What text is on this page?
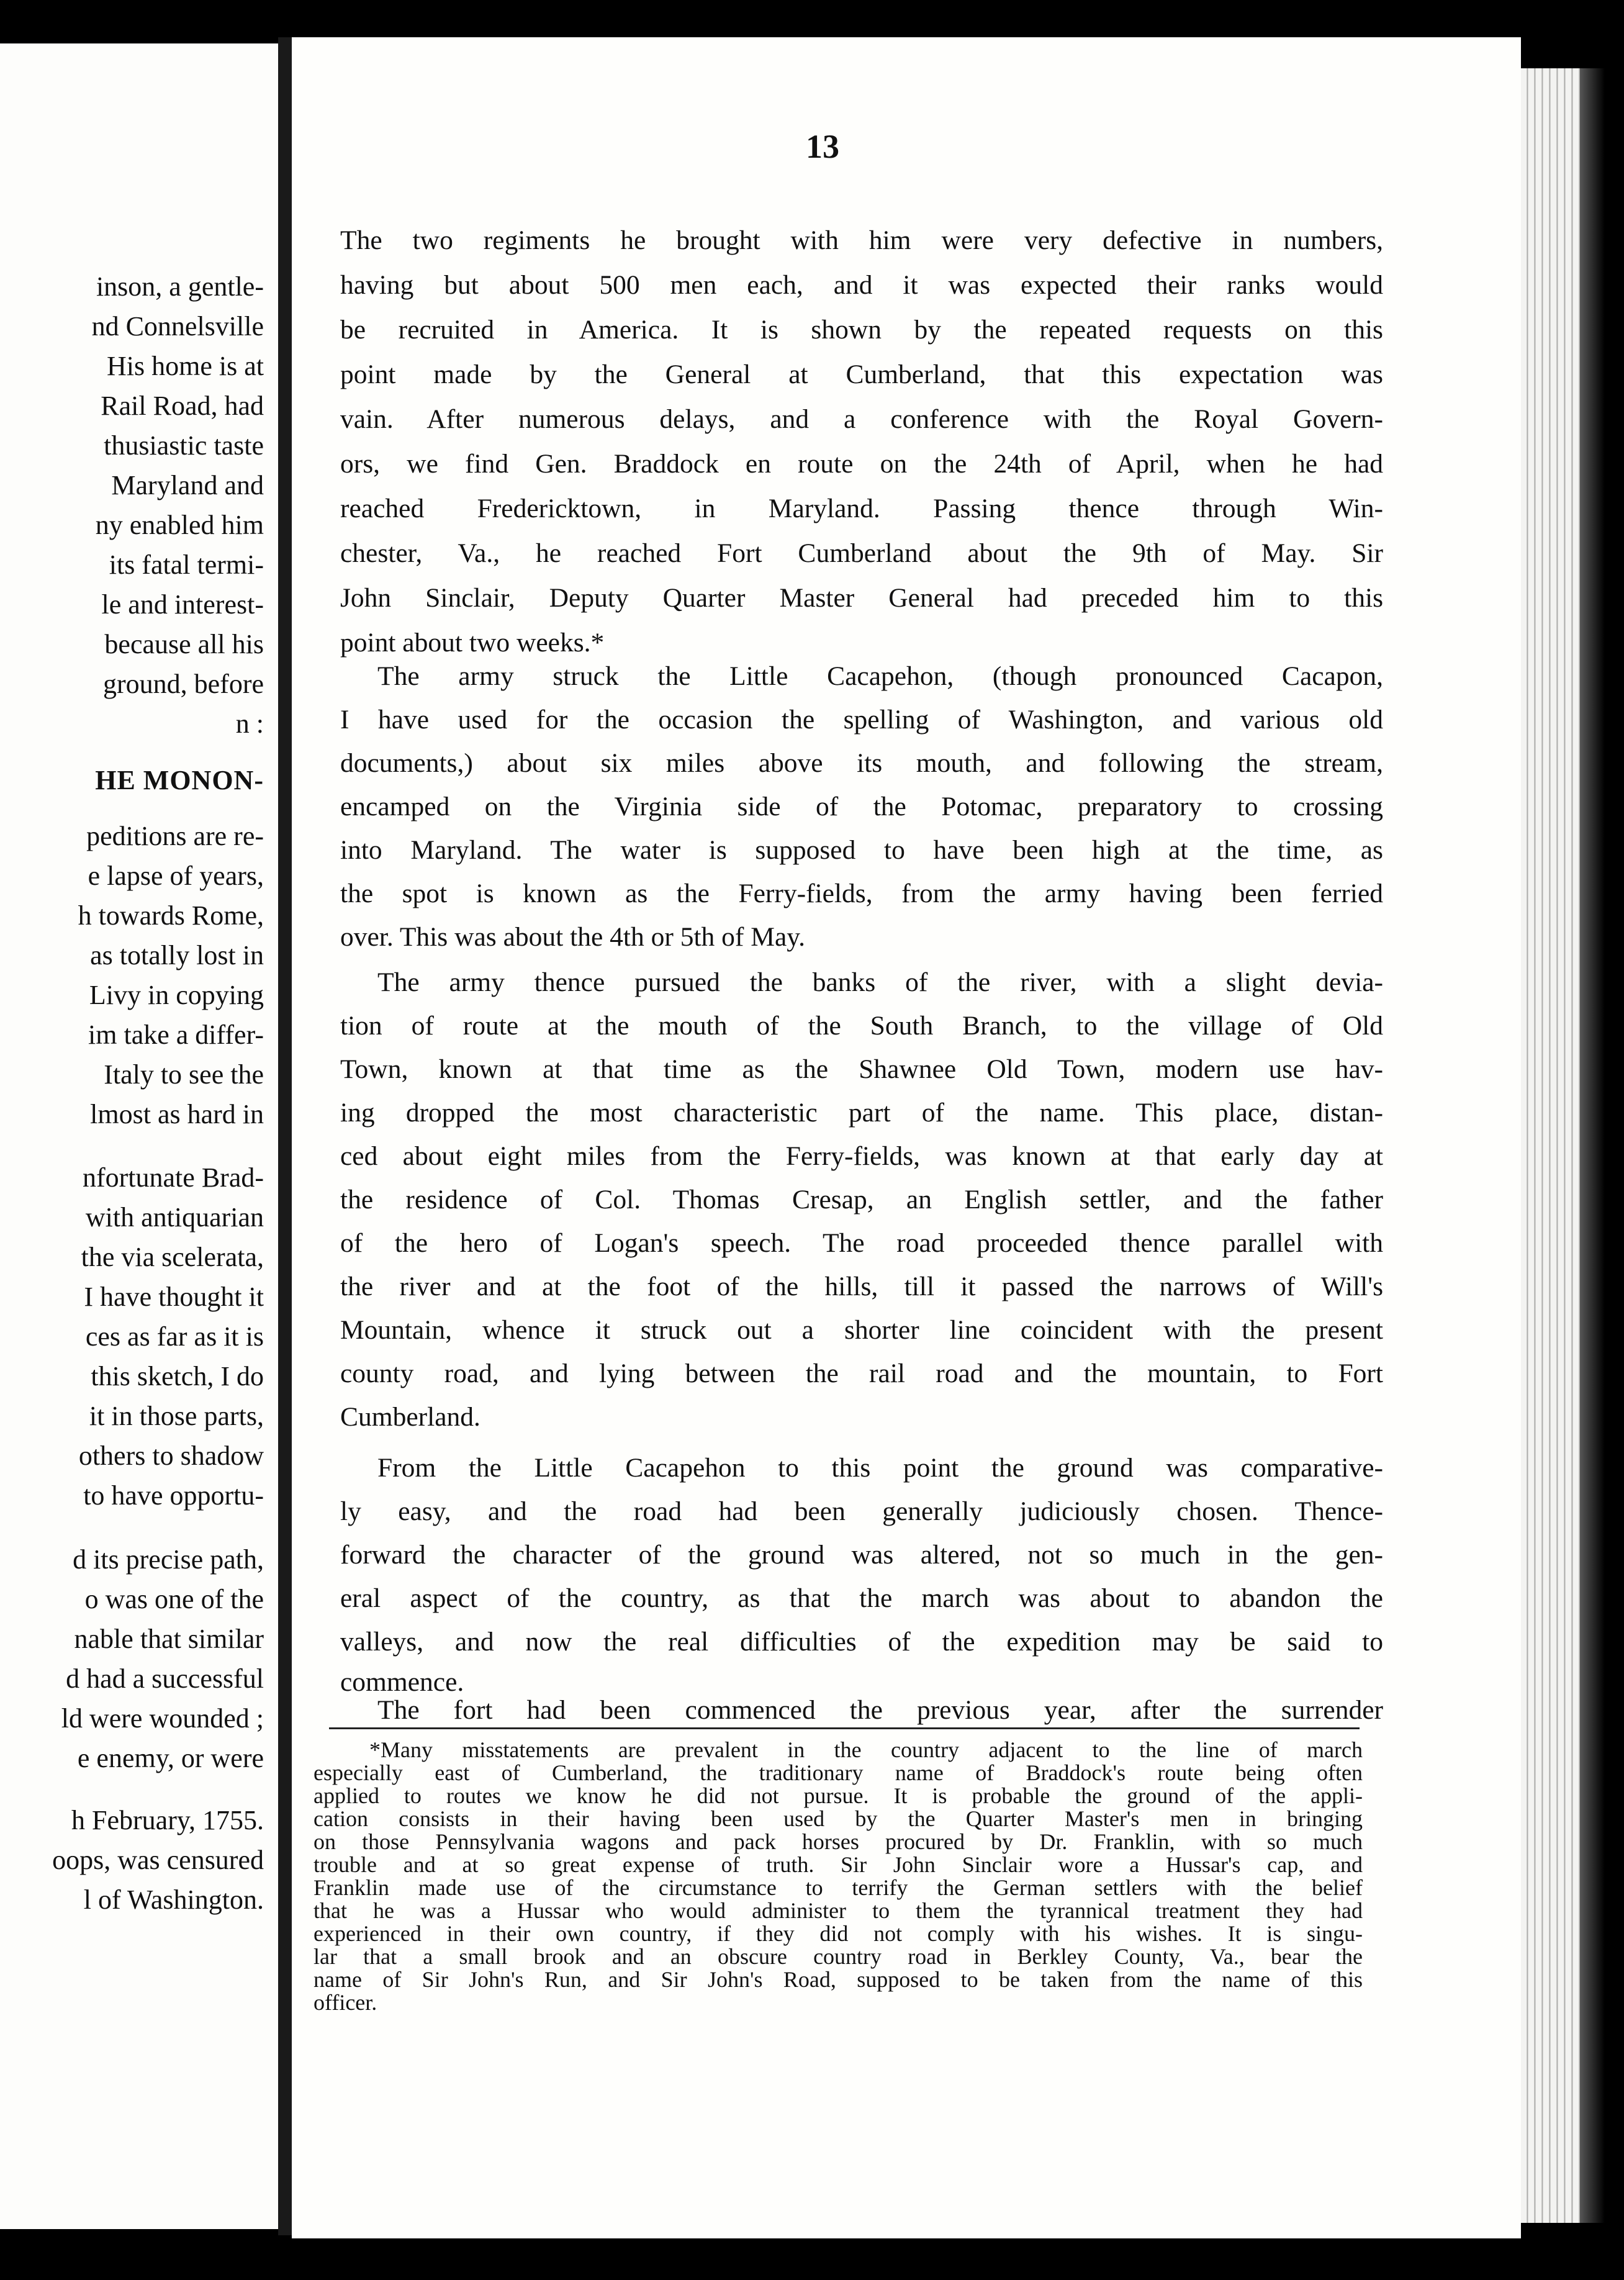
inson, a gentle-
nd Connelsville
His home is at
Rail Road, had
thusiastic taste
Maryland and
ny enabled him
its fatal termi-
le and interest-
because all his
ground, before
n :
HE MONON-
peditions are re-
e lapse of years,
h towards Rome,
as totally lost in
Livy in copying
im take a differ-
Italy to see the
lmost as hard in
nfortunate Brad-
with antiquarian
the via scelerata,
I have thought it
ces as far as it is
this sketch, I do
it in those parts,
others to shadow
to have opportu-
d its precise path,
o was one of the
nable that similar
d had a successful
ld were wounded ;
e enemy, or were
h February, 1755.
oops, was censured
l of Washington.
13
The two regiments he brought with him were very defective in numbers,
having but about 500 men each, and it was expected their ranks would
be recruited in America. It is shown by the repeated requests on this
point made by the General at Cumberland, that this expectation was
vain. After numerous delays, and a conference with the Royal Govern-
ors, we find Gen. Braddock en route on the 24th of April, when he had
reached Fredericktown, in Maryland. Passing thence through Win-
chester, Va., he reached Fort Cumberland about the 9th of May. Sir
John Sinclair, Deputy Quarter Master General had preceded him to this
point about two weeks.*
The army struck the Little Cacapehon, (though pronounced Cacapon,
I have used for the occasion the spelling of Washington, and various old
documents,) about six miles above its mouth, and following the stream,
encamped on the Virginia side of the Potomac, preparatory to crossing
into Maryland. The water is supposed to have been high at the time, as
the spot is known as the Ferry-fields, from the army having been ferried
over. This was about the 4th or 5th of May.
The army thence pursued the banks of the river, with a slight devia-
tion of route at the mouth of the South Branch, to the village of Old
Town, known at that time as the Shawnee Old Town, modern use hav-
ing dropped the most characteristic part of the name. This place, distan-
ced about eight miles from the Ferry-fields, was known at that early day at
the residence of Col. Thomas Cresap, an English settler, and the father
of the hero of Logan's speech. The road proceeded thence parallel with
the river and at the foot of the hills, till it passed the narrows of Will's
Mountain, whence it struck out a shorter line coincident with the present
county road, and lying between the rail road and the mountain, to Fort
Cumberland.
From the Little Cacapehon to this point the ground was comparative-
ly easy, and the road had been generally judiciously chosen. Thence-
forward the character of the ground was altered, not so much in the gen-
eral aspect of the country, as that the march was about to abandon the
valleys, and now the real difficulties of the expedition may be said to
commence.
The fort had been commenced the previous year, after the surrender
*Many misstatements are prevalent in the country adjacent to the line of march
especially east of Cumberland, the traditionary name of Braddock's route being often
applied to routes we know he did not pursue. It is probable the ground of the appli-
cation consists in their having been used by the Quarter Master's men in bringing
on those Pennsylvania wagons and pack horses procured by Dr. Franklin, with so much
trouble and at so great expense of truth. Sir John Sinclair wore a Hussar's cap, and
Franklin made use of the circumstance to terrify the German settlers with the belief
that he was a Hussar who would administer to them the tyrannical treatment they had
experienced in their own country, if they did not comply with his wishes. It is singu-
lar that a small brook and an obscure country road in Berkley County, Va., bear the
name of Sir John's Run, and Sir John's Road, supposed to be taken from the name of this
officer.
